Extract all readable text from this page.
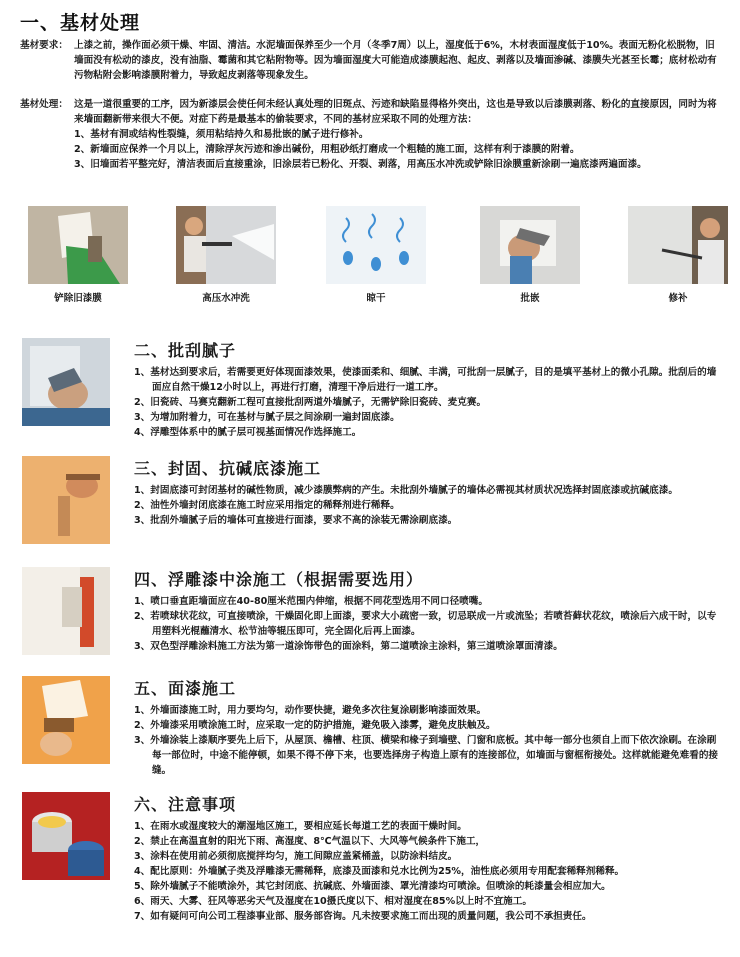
一、基材处理
基材要求： 上漆之前，操作面必须干燥、牢固、清洁。水泥墙面保养至少一个月（冬季7周）以上，湿度低于6%，木材表面湿度低于10%。表面无粉化松脱物，旧墙面没有松动的漆皮，没有油脂、霉菌和其它粘附物等。因为墙面湿度大可能造成漆膜起泡、起皮、剥落以及墙面渗碱、漆膜失光甚至长霉；底材松动有污物粘附会影响漆膜附着力，导致起皮剥落等现象发生。
基材处理： 这是一道很重要的工序，因为新漆层会使任何未经认真处理的旧斑点、污迹和缺陷显得格外突出，这也是导致以后漆膜剥落、粉化的直接原因，同时为将来墙面翻新带来很大不便。对症下药是最基本的偷装要求，不同的基材应采取不同的处理方法：
1、基材有洞或结构性裂缝，须用粘结持久和易批嵌的腻子进行修补。
2、新墙面应保养一个月以上，清除浮灰污迹和渗出碱份，用粗砂纸打磨成一个粗糙的施工面，这样有利于漆膜的附着。
3、旧墙面若平整完好，清洁表面后直接重涂，旧涂层若已粉化、开裂、剥落，用高压水冲洗或铲除旧涂膜重新涂刷一遍底漆两遍面漆。
铲除旧漆膜	高压水冲洗	晾干	批嵌	修补
二、批刮腻子
1、基材达到要求后，若需要更好体现面漆效果，使漆面柔和、细腻、丰满，可批刮一层腻子，目的是填平基材上的微小孔隙。批刮后的墙面应自然干燥12小时以上，再进行打磨，清理干净后进行一道工序。
2、旧瓷砖、马赛克翻新工程可直接批刮两道外墙腻子，无需铲除旧瓷砖、麦克赛。
3、为增加附着力，可在基材与腻子层之间涂刷一遍封固底漆。
4、浮雕型体系中的腻子层可视基面情况作选择施工。
三、封固、抗碱底漆施工
1、封固底漆可封闭基材的碱性物质，减少漆膜弊病的产生。未批刮外墙腻子的墙体必需视其材质状况选择封固底漆或抗碱底漆。
2、油性外墙封闭底漆在施工时应采用指定的稀释剂进行稀释。
3、批刮外墙腻子后的墙体可直接进行面漆，要求不高的涂装无需涂刷底漆。
四、浮雕漆中涂施工（根据需要选用）
1、喷口垂直距墙面应在40-80厘米范围内伸缩，根据不同花型选用不同口径喷嘴。
2、若喷球状花纹，可直接喷涂，干燥固化即上面漆，要求大小疏密一致，切忌联成一片或流坠；若喷苔藓状花纹，喷涂后六成干时，以专用塑料光棍蘸清水、松节油等辊压即可，完全固化后再上面漆。
3、双色型浮雕涂料施工方法为第一道涂饰带色的面涂料，第二道喷涂主涂料，第三道喷涂罩面清漆。
五、面漆施工
1、外墙面漆施工时，用力要均匀，动作要快捷，避免多次往复涂刷影响漆面效果。
2、外墙漆采用喷涂施工时，应采取一定的防护措施，避免吸入漆雾，避免皮肤触及。
3、外墙涂装上漆顺序要先上后下，从屋顶、檐槽、柱顶、横梁和椽子到墙壁、门窗和底板。其中每一部分也须自上而下依次涂刷。在涂刷每一部位时，中途不能停顿，如果不得不停下来，也要选择房子构造上原有的连接部位，如墙面与窗框衔接处。这样就能避免难看的接缝。
六、注意事项
1、在雨水或湿度较大的潮湿地区施工，要相应延长每道工艺的表面干燥时间。
2、禁止在高温直射的阳光下雨、高湿度、8℃气温以下、大风等气候条件下施工，
3、涂料在使用前必须彻底搅拌均匀，施工间隙应盖紧桶盖，以防涂料结皮。
4、配比原则：外墙腻子类及浮雕漆无需稀释，底漆及面漆和兑水比例为25%，油性底必须用专用配套稀释剂稀释。
5、除外墙腻子不能喷涂外，其它封闭底、抗碱底、外墙面漆、罩光清漆均可喷涂。但喷涂的耗漆量会相应加大。
6、雨天、大雾、狂风等恶劣天气及湿度在10摄氏度以下、相对湿度在85%以上时不宜施工。
7、如有疑问可向公司工程漆事业部、服务部咨询。凡未按要求施工而出现的质量问题，我公司不承担责任。
